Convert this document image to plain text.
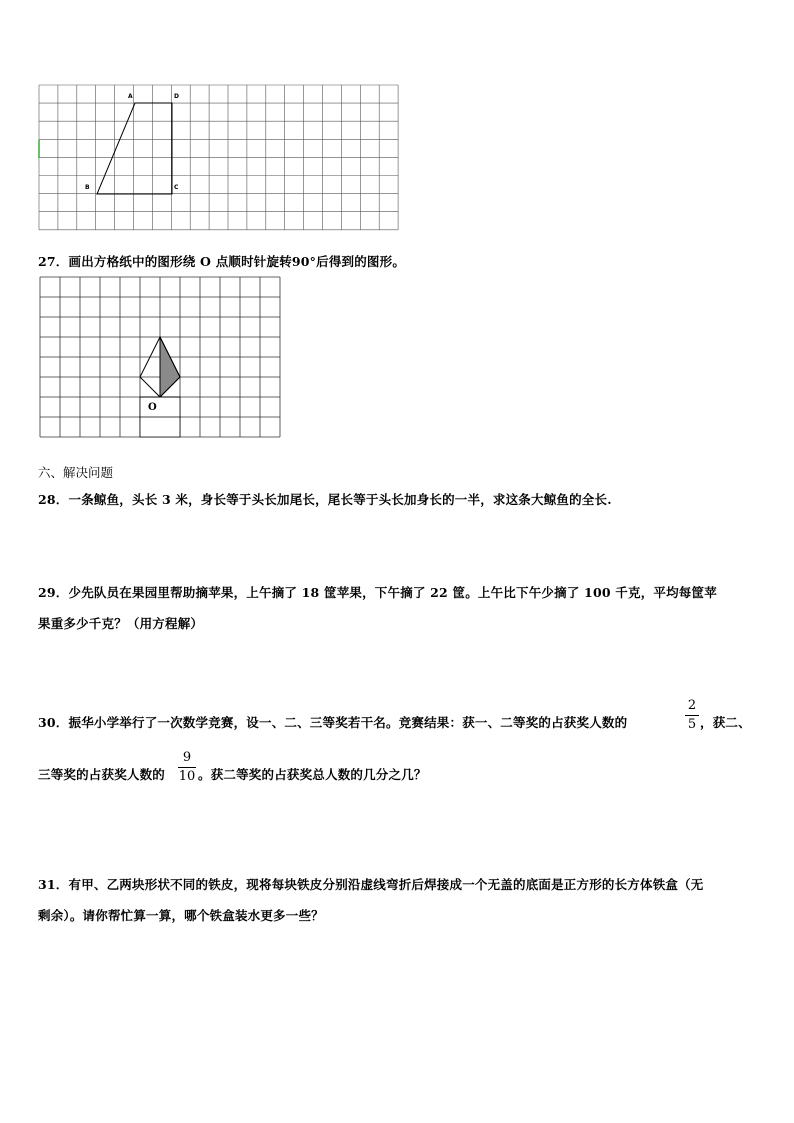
A	D
B	C
27．画出方格纸中的图形绕 O 点顺时针旋转90°后得到的图形。
O
六、解决问题
28．一条鲸鱼，头长 3 米，身长等于头长加尾长，尾长等于头长加身长的一半，求这条大鲸鱼的全长.
29．少先队员在果园里帮助摘苹果，上午摘了 18 筐苹果，下午摘了 22 筐。上午比下午少摘了 100 千克，平均每筐苹
果重多少千克？（用方程解）
30．振华小学举行了一次数学竞赛，设一、二、三等奖若干名。竞赛结果：获一、二等奖的占获奖人数的
2
5 ，获二、
三等奖的占获奖人数的
9
10 。获二等奖的占获奖总人数的几分之几？
31．有甲、乙两块形状不同的铁皮，现将每块铁皮分别沿虚线弯折后焊接成一个无盖的底面是正方形的长方体铁盒（无
剩余）。请你帮忙算一算，哪个铁盒装水更多一些？
